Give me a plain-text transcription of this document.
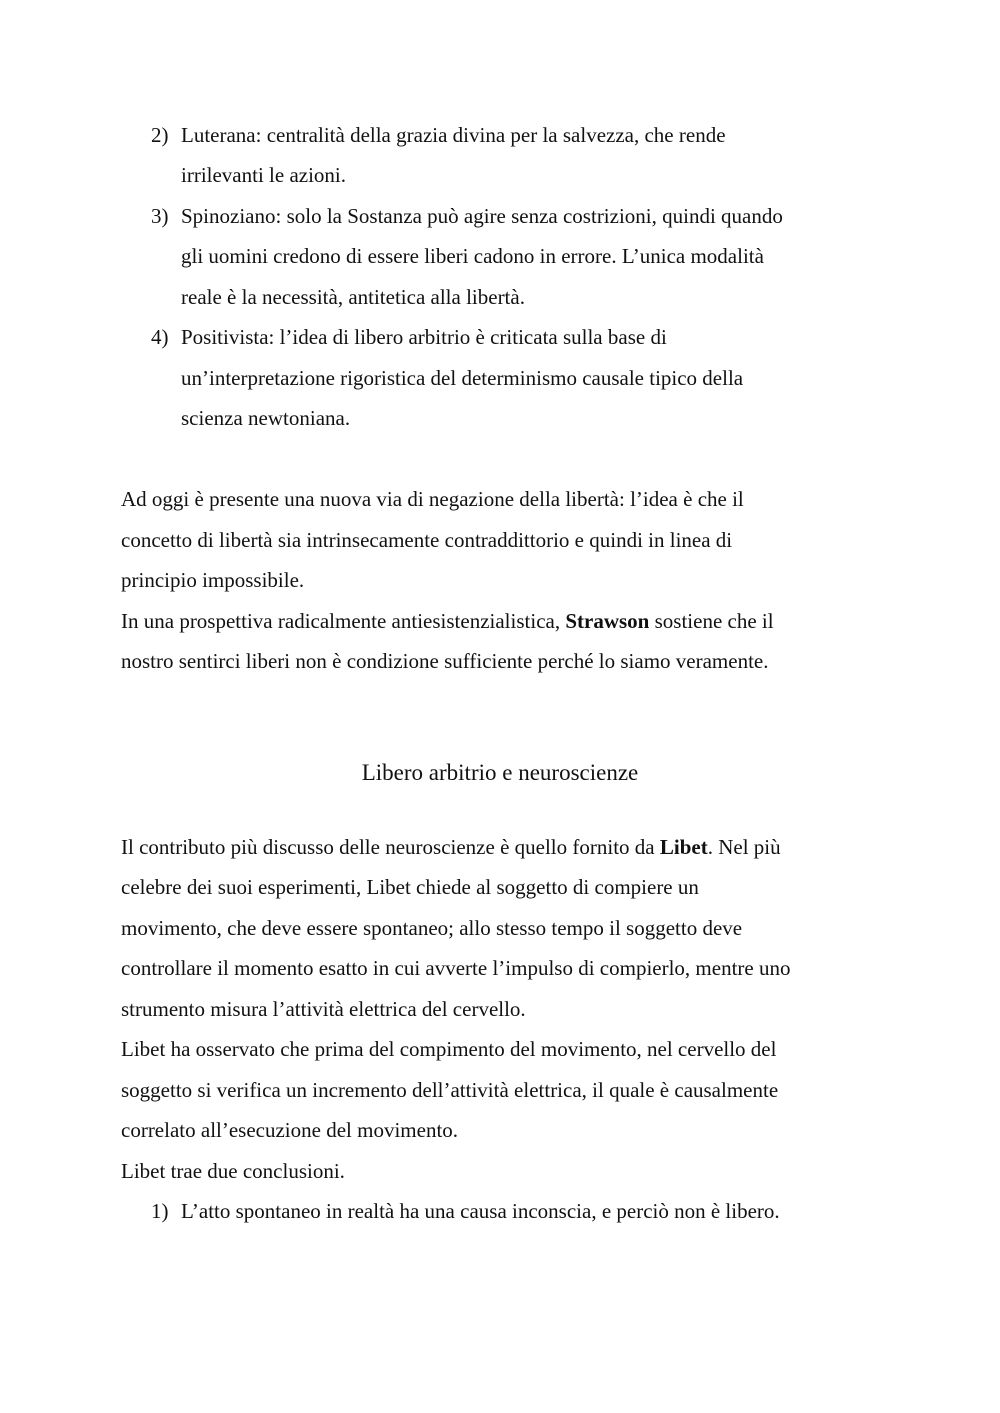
2) Luterana: centralità della grazia divina per la salvezza, che rende
irrilevanti le azioni.
3) Spinoziano: solo la Sostanza può agire senza costrizioni, quindi quando
gli uomini credono di essere liberi cadono in errore. L’unica modalità
reale è la necessità, antitetica alla libertà.
4) Positivista: l’idea di libero arbitrio è criticata sulla base di
un’interpretazione rigoristica del determinismo causale tipico della
scienza newtoniana.
Ad oggi è presente una nuova via di negazione della libertà: l’idea è che il
concetto di libertà sia intrinsecamente contraddittorio e quindi in linea di
principio impossibile.
In una prospettiva radicalmente antiesistenzialistica, Strawson sostiene che il
nostro sentirci liberi non è condizione sufficiente perché lo siamo veramente.
Libero arbitrio e neuroscienze
Il contributo più discusso delle neuroscienze è quello fornito da Libet. Nel più
celebre dei suoi esperimenti, Libet chiede al soggetto di compiere un
movimento, che deve essere spontaneo; allo stesso tempo il soggetto deve
controllare il momento esatto in cui avverte l’impulso di compierlo, mentre uno
strumento misura l’attività elettrica del cervello.
Libet ha osservato che prima del compimento del movimento, nel cervello del
soggetto si verifica un incremento dell’attività elettrica, il quale è causalmente
correlato all’esecuzione del movimento.
Libet trae due conclusioni.
1) L’atto spontaneo in realtà ha una causa inconscia, e perciò non è libero.
